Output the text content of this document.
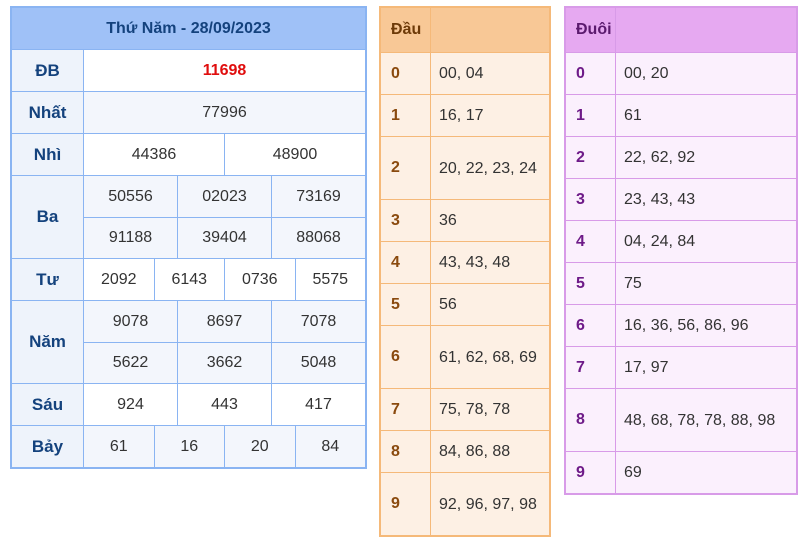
Thứ Năm - 28/09/2023
ĐB	11698
Nhất	77996
Nhì	44386	48900
Ba
50556	02023	73169
91188	39404	88068
Tư	2092	6143	0736	5575
Năm
9078	8697	7078
5622	3662	5048
Sáu	924	443	417
Bảy	61	16	20	84
Đầu
0	00, 04
1	16, 17
2	20, 22, 23, 24
3	36
4	43, 43, 48
5	56
6	61, 62, 68, 69
7	75, 78, 78
8	84, 86, 88
9	92, 96, 97, 98
Đuôi
0	00, 20
1	61
2	22, 62, 92
3	23, 43, 43
4	04, 24, 84
5	75
6	16, 36, 56, 86, 96
7	17, 97
8	48, 68, 78, 78, 88, 98
9	69
